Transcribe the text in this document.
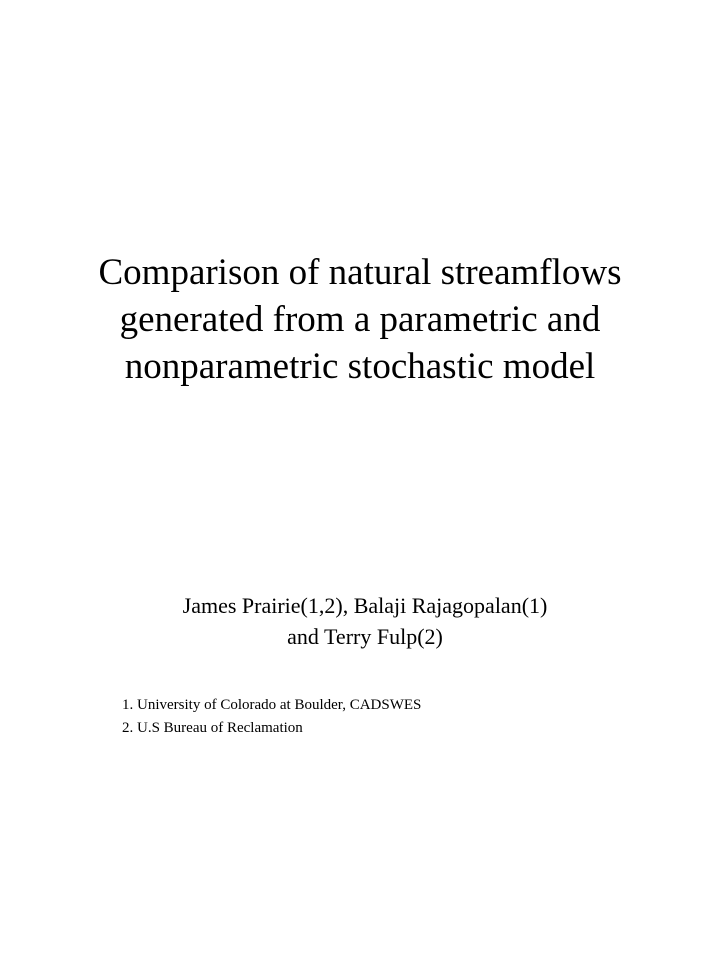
Comparison of natural streamflows
generated from a parametric and
nonparametric stochastic model
James Prairie(1,2), Balaji Rajagopalan(1)
and Terry Fulp(2)
1. University of Colorado at Boulder, CADSWES
2. U.S Bureau of Reclamation
